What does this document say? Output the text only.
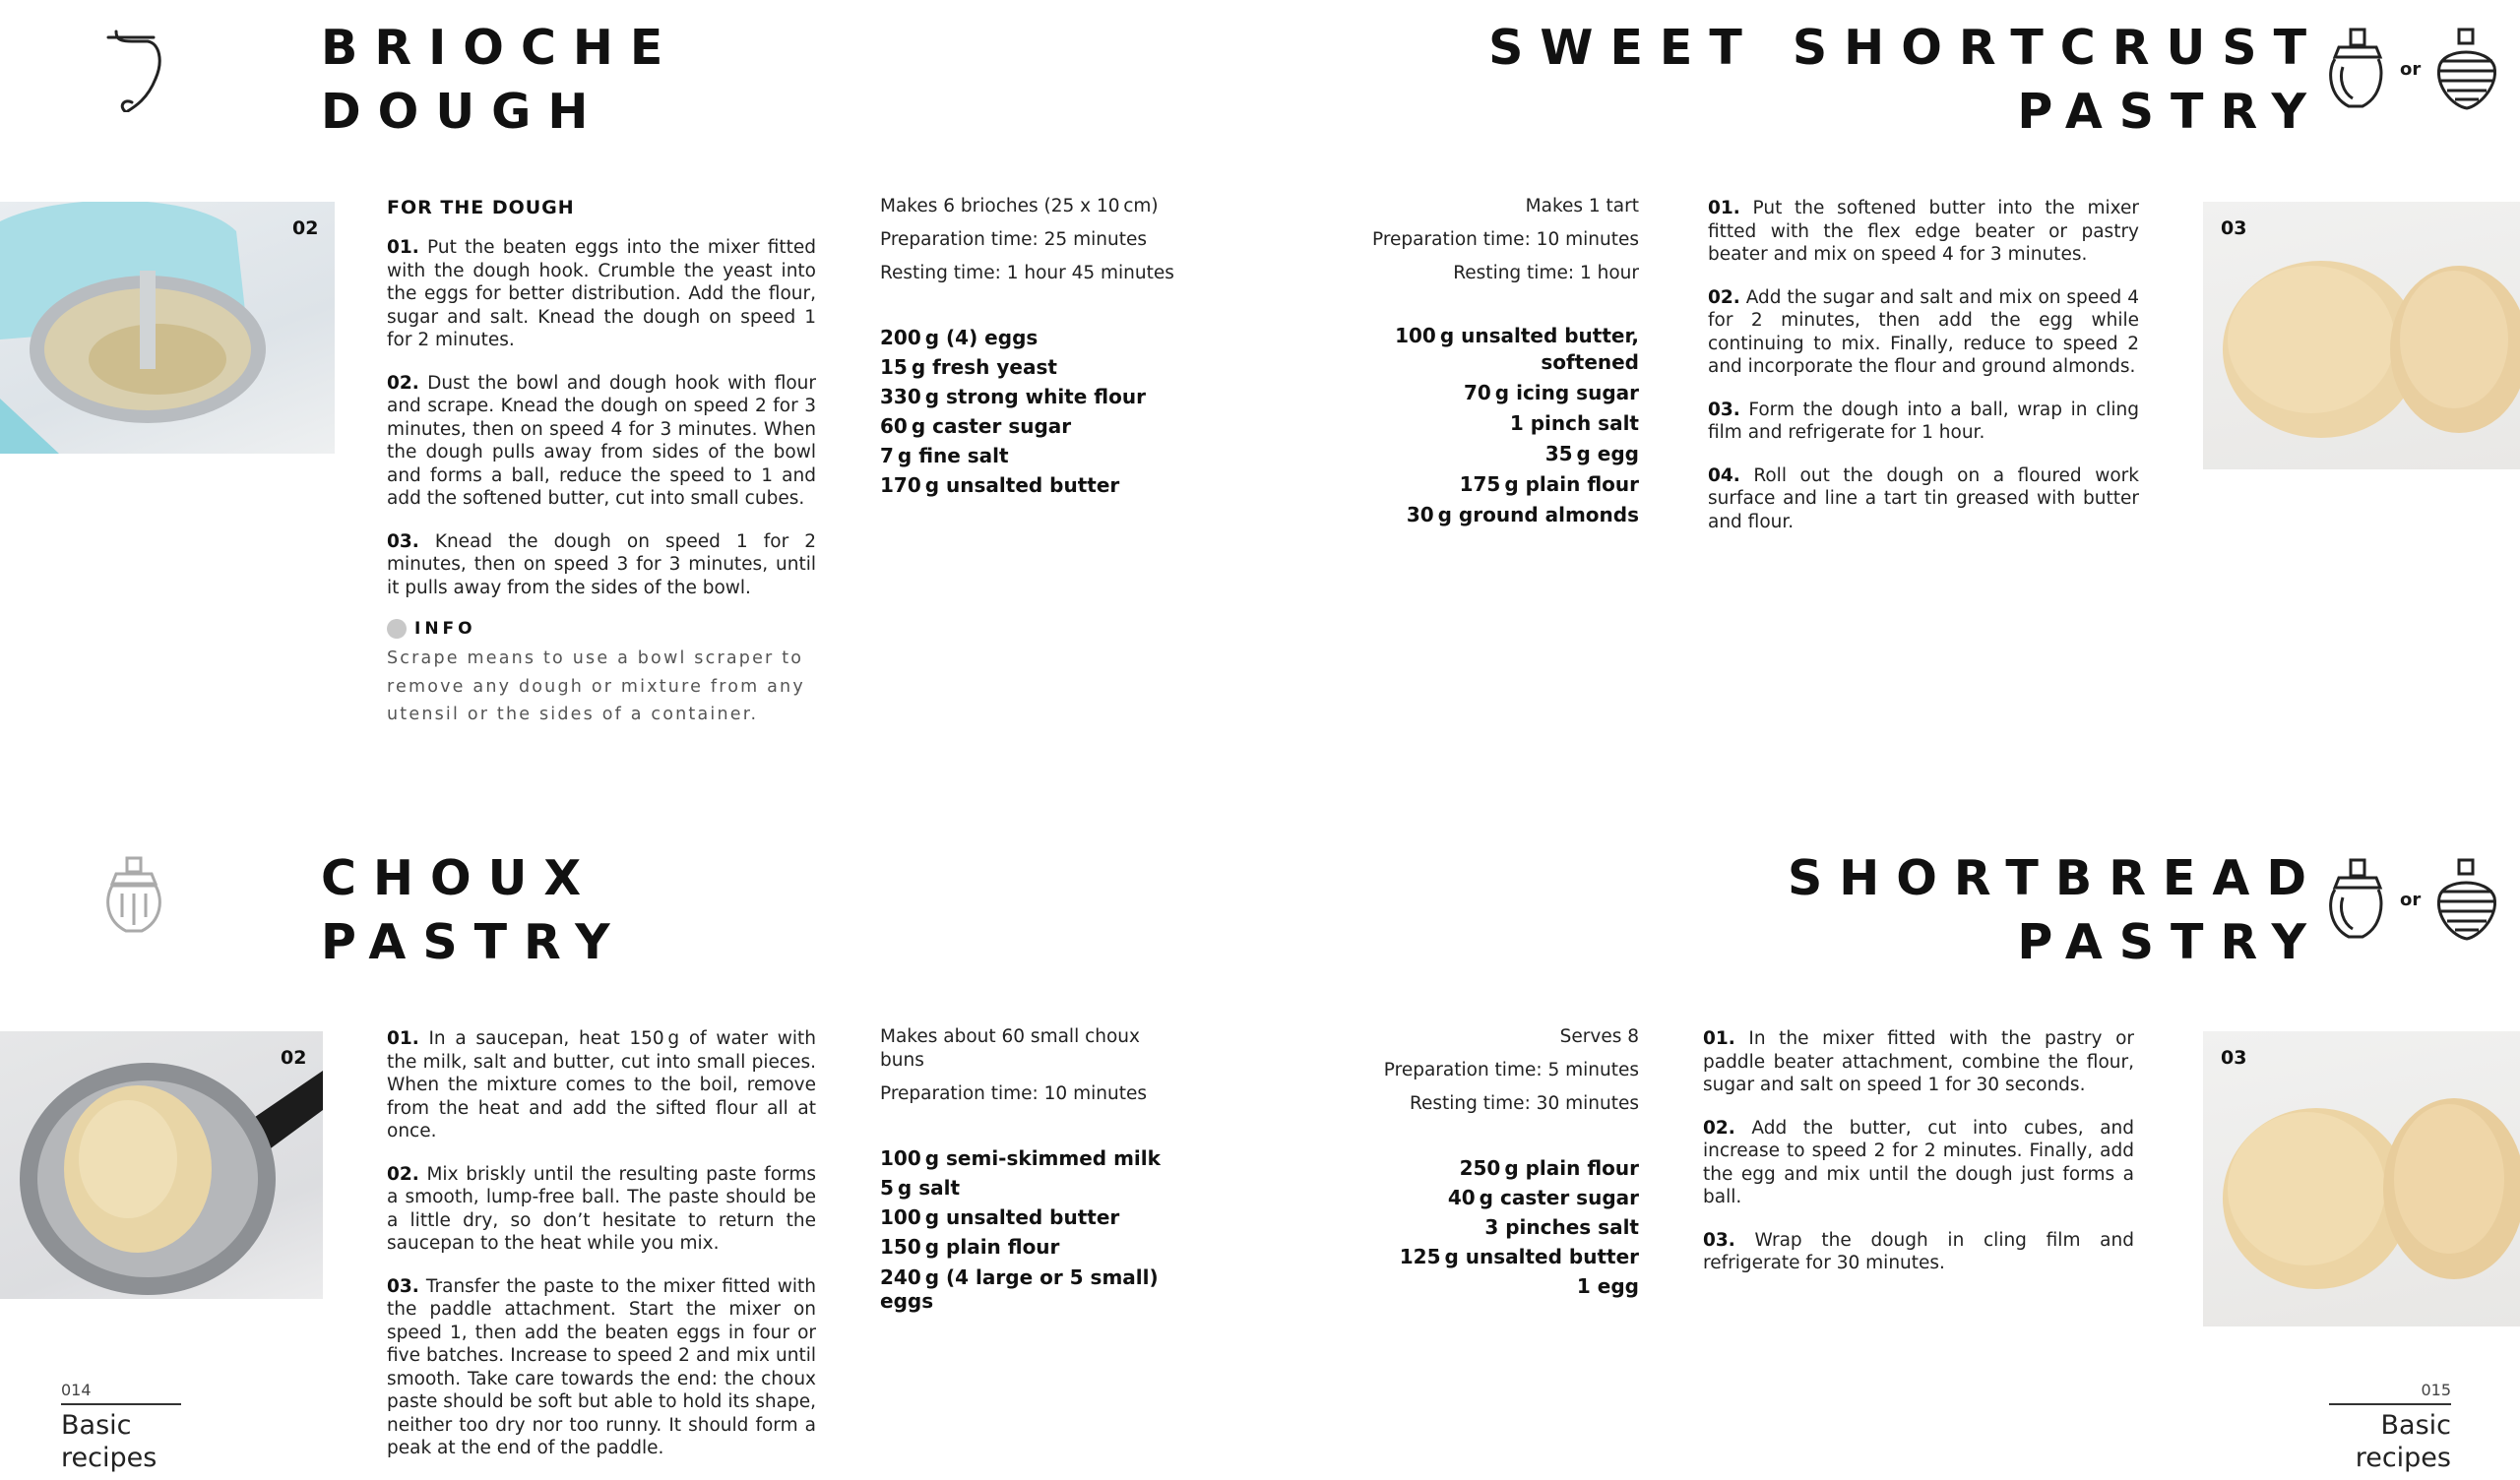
BRIOCHE
DOUGH
02
FOR THE DOUGH

01. Put the beaten eggs into the mixer fitted with the dough hook. Crumble the yeast into the eggs for better distribution. Add the flour, sugar and salt. Knead the dough on speed 1 for 2 minutes.

02. Dust the bowl and dough hook with flour and scrape. Knead the dough on speed 2 for 3 minutes, then on speed 4 for 3 minutes. When the dough pulls away from sides of the bowl and forms a ball, reduce the speed to 1 and add the softened butter, cut into small cubes.

03. Knead the dough on speed 1 for 2 minutes, then on speed 3 for 3 minutes, until it pulls away from the sides of the bowl.

INFO
Scrape means to use a bowl scraper to remove any dough or mixture from any utensil or the sides of a container.
Makes 6 brioches (25 x 10 cm)
Preparation time: 25 minutes
Resting time: 1 hour 45 minutes
200 g (4) eggs
15 g fresh yeast
330 g strong white flour
60 g caster sugar
7 g fine salt
170 g unsalted butter
SWEET SHORTCRUST
PASTRY
or
Makes 1 tart
Preparation time: 10 minutes
Resting time: 1 hour
100 g unsalted butter,
softened
70 g icing sugar
1 pinch salt
35 g egg
175 g plain flour
30 g ground almonds

01. Put the softened butter into the mixer fitted with the flex edge beater or pastry beater and mix on speed 4 for 3 minutes.

02. Add the sugar and salt and mix on speed 4 for 2 minutes, then add the egg while continuing to mix. Finally, reduce to speed 2 and incorporate the flour and ground almonds.

03. Form the dough into a ball, wrap in cling film and refrigerate for 1 hour.

04. Roll out the dough on a floured work surface and line a tart tin greased with butter and flour.

03
CHOUX
PASTRY
02

01. In a saucepan, heat 150 g of water with the milk, salt and butter, cut into small pieces. When the mixture comes to the boil, remove from the heat and add the sifted flour all at once.

02. Mix briskly until the resulting paste forms a smooth, lump-free ball. The paste should be a little dry, so don’t hesitate to return the saucepan to the heat while you mix.

03. Transfer the paste to the mixer fitted with the paddle attachment. Start the mixer on speed 1, then add the beaten eggs in four or five batches. Increase to speed 2 and mix until smooth. Take care towards the end: the choux paste should be soft but able to hold its shape, neither too dry nor too runny. It should form a peak at the end of the paddle.

Makes about 60 small choux buns
Preparation time: 10 minutes
100 g semi-skimmed milk
5 g salt
100 g unsalted butter
150 g plain flour
240 g (4 large or 5 small) eggs
SHORTBREAD
PASTRY
or
Serves 8
Preparation time: 5 minutes
Resting time: 30 minutes
250 g plain flour
40 g caster sugar
3 pinches salt
125 g unsalted butter
1 egg

01. In the mixer fitted with the pastry or paddle beater attachment, combine the flour, sugar and salt on speed 1 for 30 seconds.

02. Add the butter, cut into cubes, and increase to speed 2 for 2 minutes. Finally, add the egg and mix until the dough just forms a ball.

03. Wrap the dough in cling film and refrigerate for 30 minutes.

03
014
Basic
recipes
015
Basic
recipes
